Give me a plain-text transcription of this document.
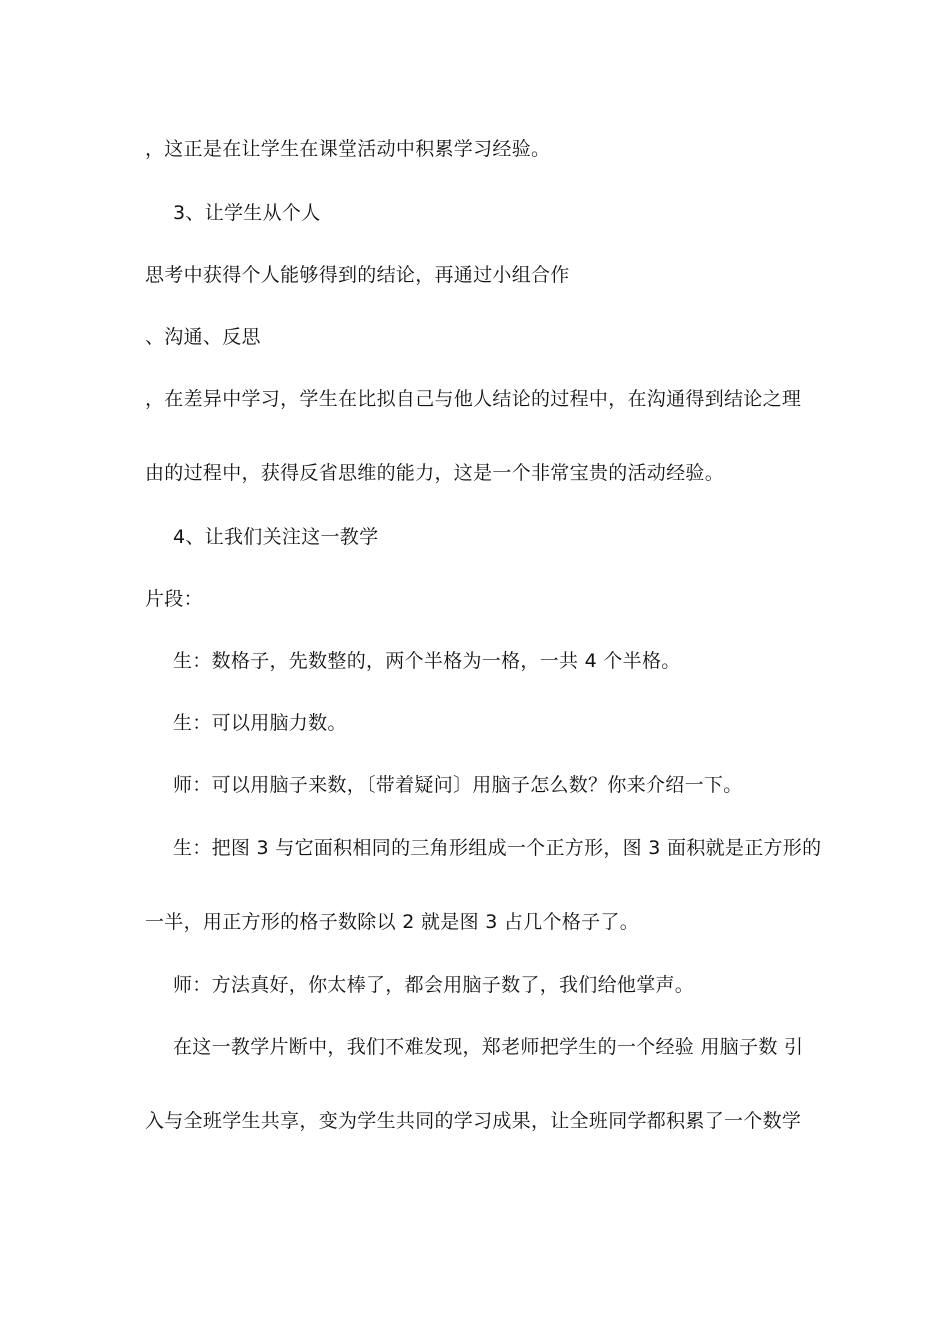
，这正是在让学生在课堂活动中积累学习经验。
3、让学生从个人
思考中获得个人能够得到的结论，再通过小组合作
、沟通、反思
，在差异中学习，学生在比拟自己与他人结论的过程中，在沟通得到结论之理
由的过程中，获得反省思维的能力，这是一个非常宝贵的活动经验。
4、让我们关注这一教学
片段：
生：数格子，先数整的，两个半格为一格，一共 4 个半格。
生：可以用脑力数。
师：可以用脑子来数，〔带着疑问〕用脑子怎么数？你来介绍一下。
生：把图 3 与它面积相同的三角形组成一个正方形，图 3 面积就是正方形的
一半，用正方形的格子数除以 2 就是图 3 占几个格子了。
师：方法真好，你太棒了，都会用脑子数了，我们给他掌声。
在这一教学片断中，我们不难发现，郑老师把学生的一个经验 用脑子数 引
入与全班学生共享，变为学生共同的学习成果，让全班同学都积累了一个数学
